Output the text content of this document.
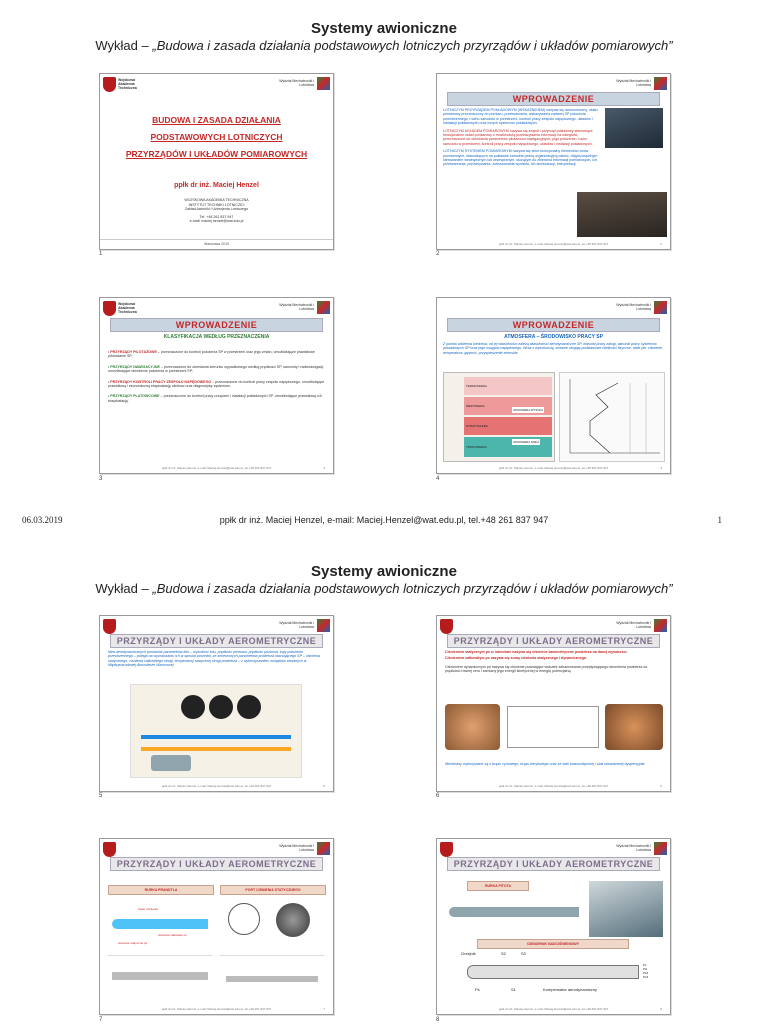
Systemy awioniczne
Wykład – „Budowa i zasada działania podstawowych lotniczych przyrządów i układów pomiarowych”
Wojskowa Akademia Techniczna
Wydział Mechatroniki i Lotnictwa
BUDOWA I ZASADA DZIAŁANIA
PODSTAWOWYCH LOTNICZYCH
PRZYRZĄDÓW I UKŁADÓW POMIAROWYCH
ppłk dr inż. Maciej Henzel
WOJSKOWA AKADEMIA TECHNICZNA
INSTYTUT TECHNIKI LOTNICZEJ
Zakład Awioniki i Uzbrojenia Lotniczego
Tel. +48 261 837 947
e-mail: maciej.henzel@wat.edu.pl
Warszawa 2019
1
Wydział Mechatroniki i Lotnictwa
WPROWADZENIE
LOTNICZYM PRZYRZĄDEM POKŁADOWYM (WSKAŹNIKIEM) nazywa się autonomiczny, układ pomiarowy przeznaczony do pomiaru, przetwarzania, wskazywania zadanej SP położenia przestrzennego i ruchu samolotu w przestrzeni, kontroli pracy zespołu napędowego, układów i instalacji pokładowych oraz innych systemów pokładowych.
LOTNICZYM UKŁADEM POMIAROWYM nazywa się zespół i przyrząd pokładowy stanowiące funkcjonalnie układ pomiarowy z możliwością przekazywania informacji na odległość, przeznaczone do określania parametrów pilotażowo-nawigacyjnych, jego położenia i ruchu samolotu w przestrzeni, kontroli pracy zespołu napędowego, układów i instalacji pokładowych.
LOTNICZYM SYSTEMEM POMIAROWYM nazywa się zbiór funkcjonalny elementów torów pomiarowych, stanowiących na pokładzie samolotu jedną organizacyjną całość, objętą wspólnym sterowaniem wewnętrznym lub zewnętrznym, służącym do zbierania informacji pomiarowych, ich przetwarzania, porównywania, zobrazowania wyników, ich archiwizacji, interpretacji.
ppłk dr inż. Maciej Henzel, e-mail: Maciej.Henzel@wat.edu.pl, tel.+48 261 837 947	2
2
Wojskowa Akademia Techniczna
Wydział Mechatroniki i Lotnictwa
WPROWADZENIE
KLASYFIKACJA WEDŁUG PRZEZNACZENIA
• PRZYRZĄDY PILOTAŻOWE – przeznaczone do kontroli położenia SP w przestrzeni oraz jego zmian, umożliwiające prawidłowe pilotowanie SP;
• PRZYRZĄDY NAWIGACYJNE – przeznaczone do określania kierunku wypadkowego według prędkości SP, samoloty i radionawigacji, umożliwiające określenie położenia w przestrzeni SP;
• PRZYRZĄDY KONTROLI PRACY ZESPOŁU NAPĘDOWEGO – przeznaczone do kontroli pracy zespołu napędowego, umożliwiające prawidłową i ekonomiczną eksploatację silników oraz diagnostykę systemów;
• PRZYRZĄDY PLATOWCOWE – przeznaczone do kontroli pracy urządzeń i instalacji pokładowych SP, umożliwiające prawidłową ich eksploatację.
ppłk dr inż. Maciej Henzel, e-mail: Maciej.Henzel@wat.edu.pl, tel.+48 261 837 947	3
3
Wydział Mechatroniki i Lotnictwa
WPROWADZENIE
ATMOSFERA – ŚRODOWISKO PRACY SP
Z punktu widzenia lotnictwa, od jej właściwości zależą właściwości aerodynamiczne SP, warunki pracy załogi, warunki pracy systemów pokładowych SP oraz jego osiągów napędowego. Wraz z wysokością, zmianie ulegają podstawowe wielkości fizyczne, takie jak: ciśnienie, temperatura, gęstość, przyspieszenie ziemskie.
TERMOSFERA
MEZOSFERA
STRATOSFERA
TROPOSFERA
ATMOSFERA WYSOKA
ATMOSFERA NISKA
ppłk dr inż. Maciej Henzel, e-mail: Maciej.Henzel@wat.edu.pl, tel.+48 261 837 947	4
4
06.03.2019	ppłk dr inż. Maciej Henzel, e-mail: Maciej.Henzel@wat.edu.pl, tel.+48 261 837 947	1
Systemy awioniczne
Wykład – „Budowa i zasada działania podstawowych lotniczych przyrządów i układów pomiarowych”
Wydział Mechatroniki i Lotnictwa
PRZYRZĄDY I UKŁADY AEROMETRYCZNE
Idea aerodynamicznych pomiarów parametrów lotu – wysokość lotu, prędkość pionowa, prędkość pozioma, kąty położenia przestrzennego – polega na wyznaczaniu ich w sposób pośredni, ze zmierzonych parametrów powietrza otaczającego SP – ciśnienia statycznego, ciśnienia całkowitego strugi, temperatury statycznej strugi powietrza – z wykorzystaniem związków zawartych w Międzynarodowej Atmosferze Wzorcowej.
ppłk dr inż. Maciej Henzel, e-mail: Maciej.Henzel@wat.edu.pl, tel.+48 261 837 947	5
5
Wydział Mechatroniki i Lotnictwa
PRZYRZĄDY I UKŁADY AEROMETRYCZNE
Ciśnieniem statycznym ps w lotnictwie nazywa się ciśnienie barometryczne powietrza na danej wysokości.
Ciśnieniem całkowitym pc nazywa się sumę ciśnienia statycznego i dynamicznego.
Ciśnieniem dynamicznym pd nazywa się ciśnienie powstające wskutek zahamowania przepływającego strumienia powietrza do prędkości równej zeru i zamiany jego energii kinetycznej w energię potencjalną.
Membrany wykonywane są z brązu cynowego, brązu berylowego oraz ze stali kwasoodpornej i stali utwardzanej dyspersyjnie.
ppłk dr inż. Maciej Henzel, e-mail: Maciej.Henzel@wat.edu.pl, tel.+48 261 837 947	6
6
Wydział Mechatroniki i Lotnictwa
PRZYRZĄDY I UKŁADY AEROMETRYCZNE
RURKA PRANDTLA	PORT CIŚNIENIA STATYCZNEGO
otwór ciśnienia
ciśnienie całkowite pc
ciśnienie statyczne ps
ppłk dr inż. Maciej Henzel, e-mail: Maciej.Henzel@wat.edu.pl, tel.+48 261 837 947	7
7
Wydział Mechatroniki i Lotnictwa
PRZYRZĄDY I UKŁADY AEROMETRYCZNE
RURKA PITOTA
ODBIORNIK NADCIŚNIENIOWY
Grzejnik	S2	S3
Ps	S1	Kompensator aerodynamiczny
Pc
Psl
Ps2
Ps3
ppłk dr inż. Maciej Henzel, e-mail: Maciej.Henzel@wat.edu.pl, tel.+48 261 837 947	8
8
